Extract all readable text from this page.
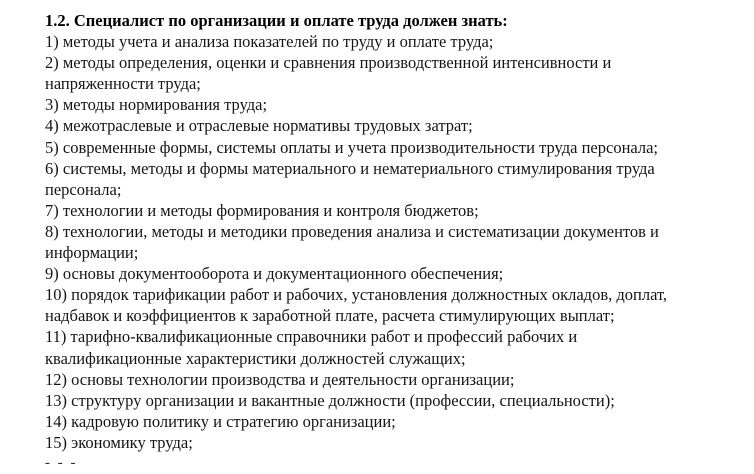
1.2. Специалист по организации и оплате труда должен знать:

1) методы учета и анализа показателей по труду и оплате труда;

2) методы определения, оценки и сравнения производственной интенсивности и напряженности труда;

3) методы нормирования труда;

4) межотраслевые и отраслевые нормативы трудовых затрат;

5) современные формы, системы оплаты и учета производительности труда персонала;

6) системы, методы и формы материального и нематериального стимулирования труда персонала;

7) технологии и методы формирования и контроля бюджетов;

8) технологии, методы и методики проведения анализа и систематизации документов и информации;

9) основы документооборота и документационного обеспечения;

10) порядок тарификации работ и рабочих, установления должностных окладов, доплат, надбавок и коэффициентов к заработной плате, расчета стимулирующих выплат;

11) тарифно-квалификационные справочники работ и профессий рабочих и квалификационные характеристики должностей служащих;

12) основы технологии производства и деятельности организации;

13) структуру организации и вакантные должности (профессии, специальности);

14) кадровую политику и стратегию организации;

15) экономику труда;

- - -
